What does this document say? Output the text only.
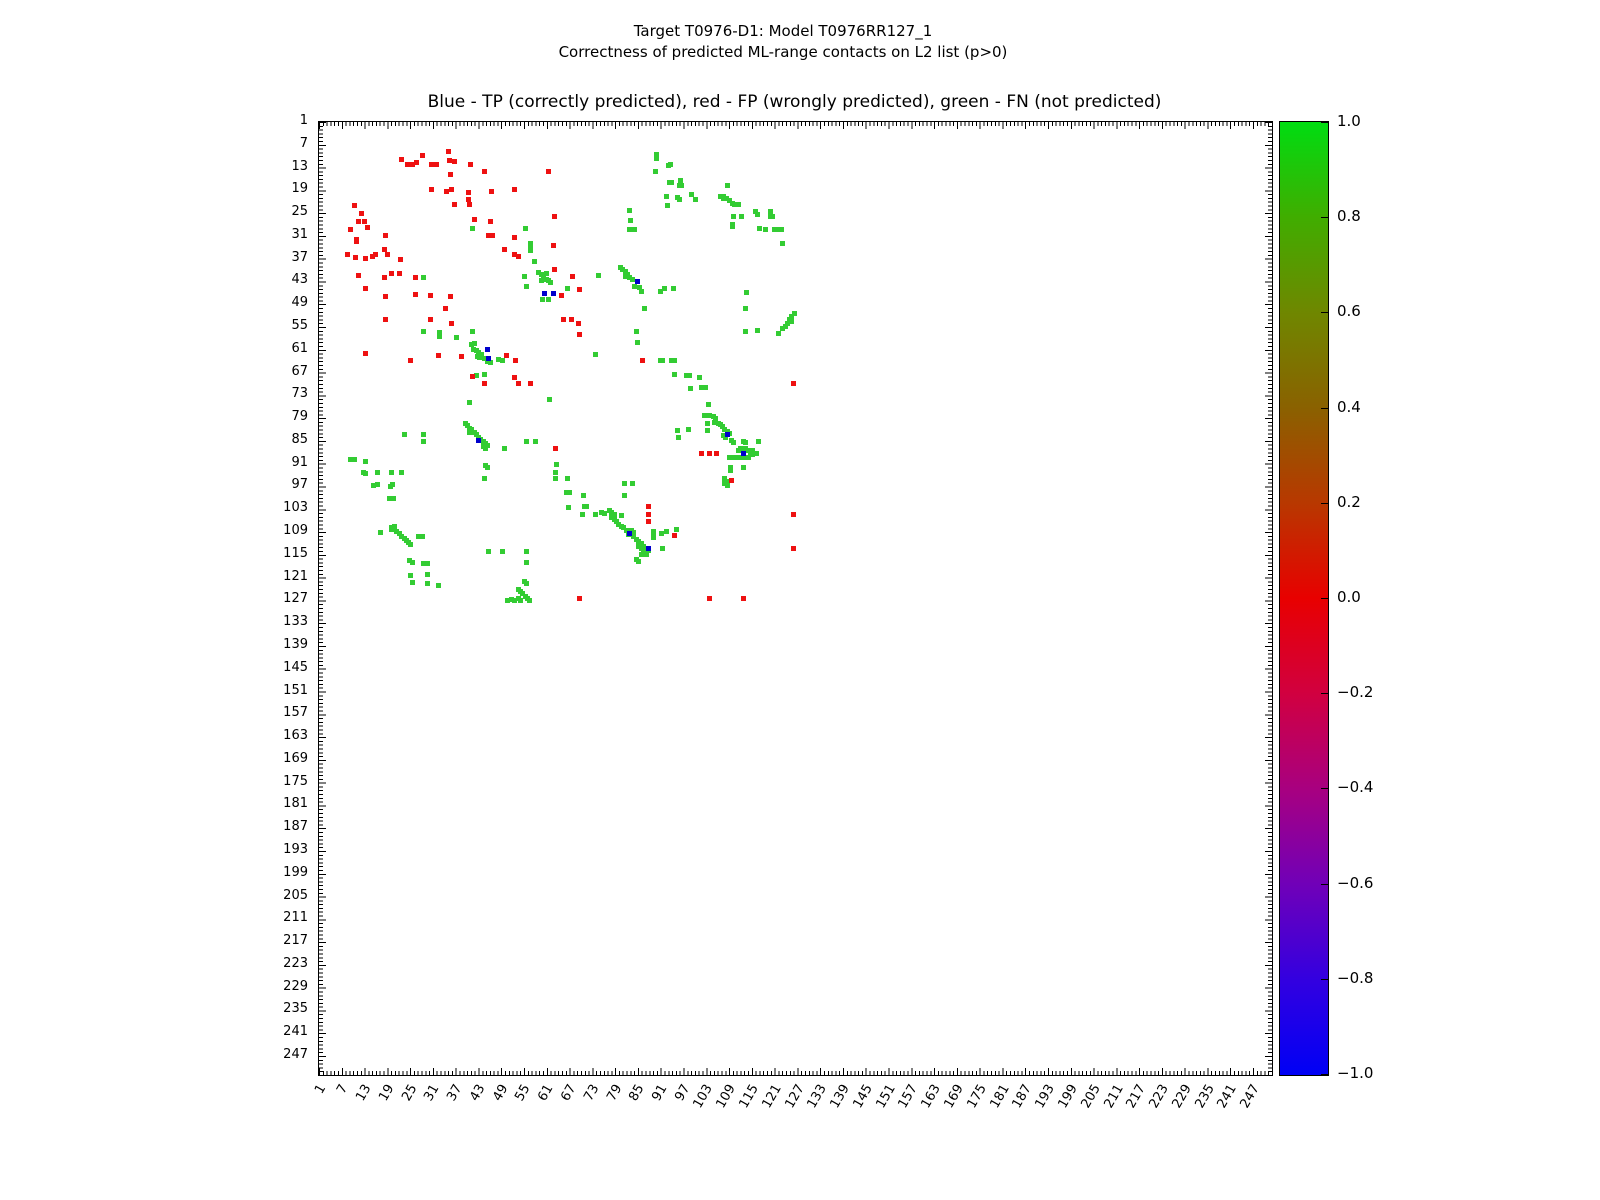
Target T0976-D1: Model T0976RR127_1
Correctness of predicted ML-range contacts on L2 list (p>0)
Blue - TP (correctly predicted), red - FP (wrongly predicted), green - FN (not predicted)
1
7
13
19
25
31
37
43
49
55
61
67
73
79
85
91
97
103
109
115
121
127
133
139
145
151
157
163
169
175
181
187
193
199
205
211
217
223
229
235
241
247
1 7 13 19 25 31 37 43 49 55 61 67 73 79 85 91 97
103
109
115
121
127
133
139
145
151
157
163
169
175
181
187
193
199
205
211
217
223
229
235
241
247
1.0
0.8
0.6
0.4
0.2
0.0
−0.2
−0.4
−0.6
−0.8
−1.0
